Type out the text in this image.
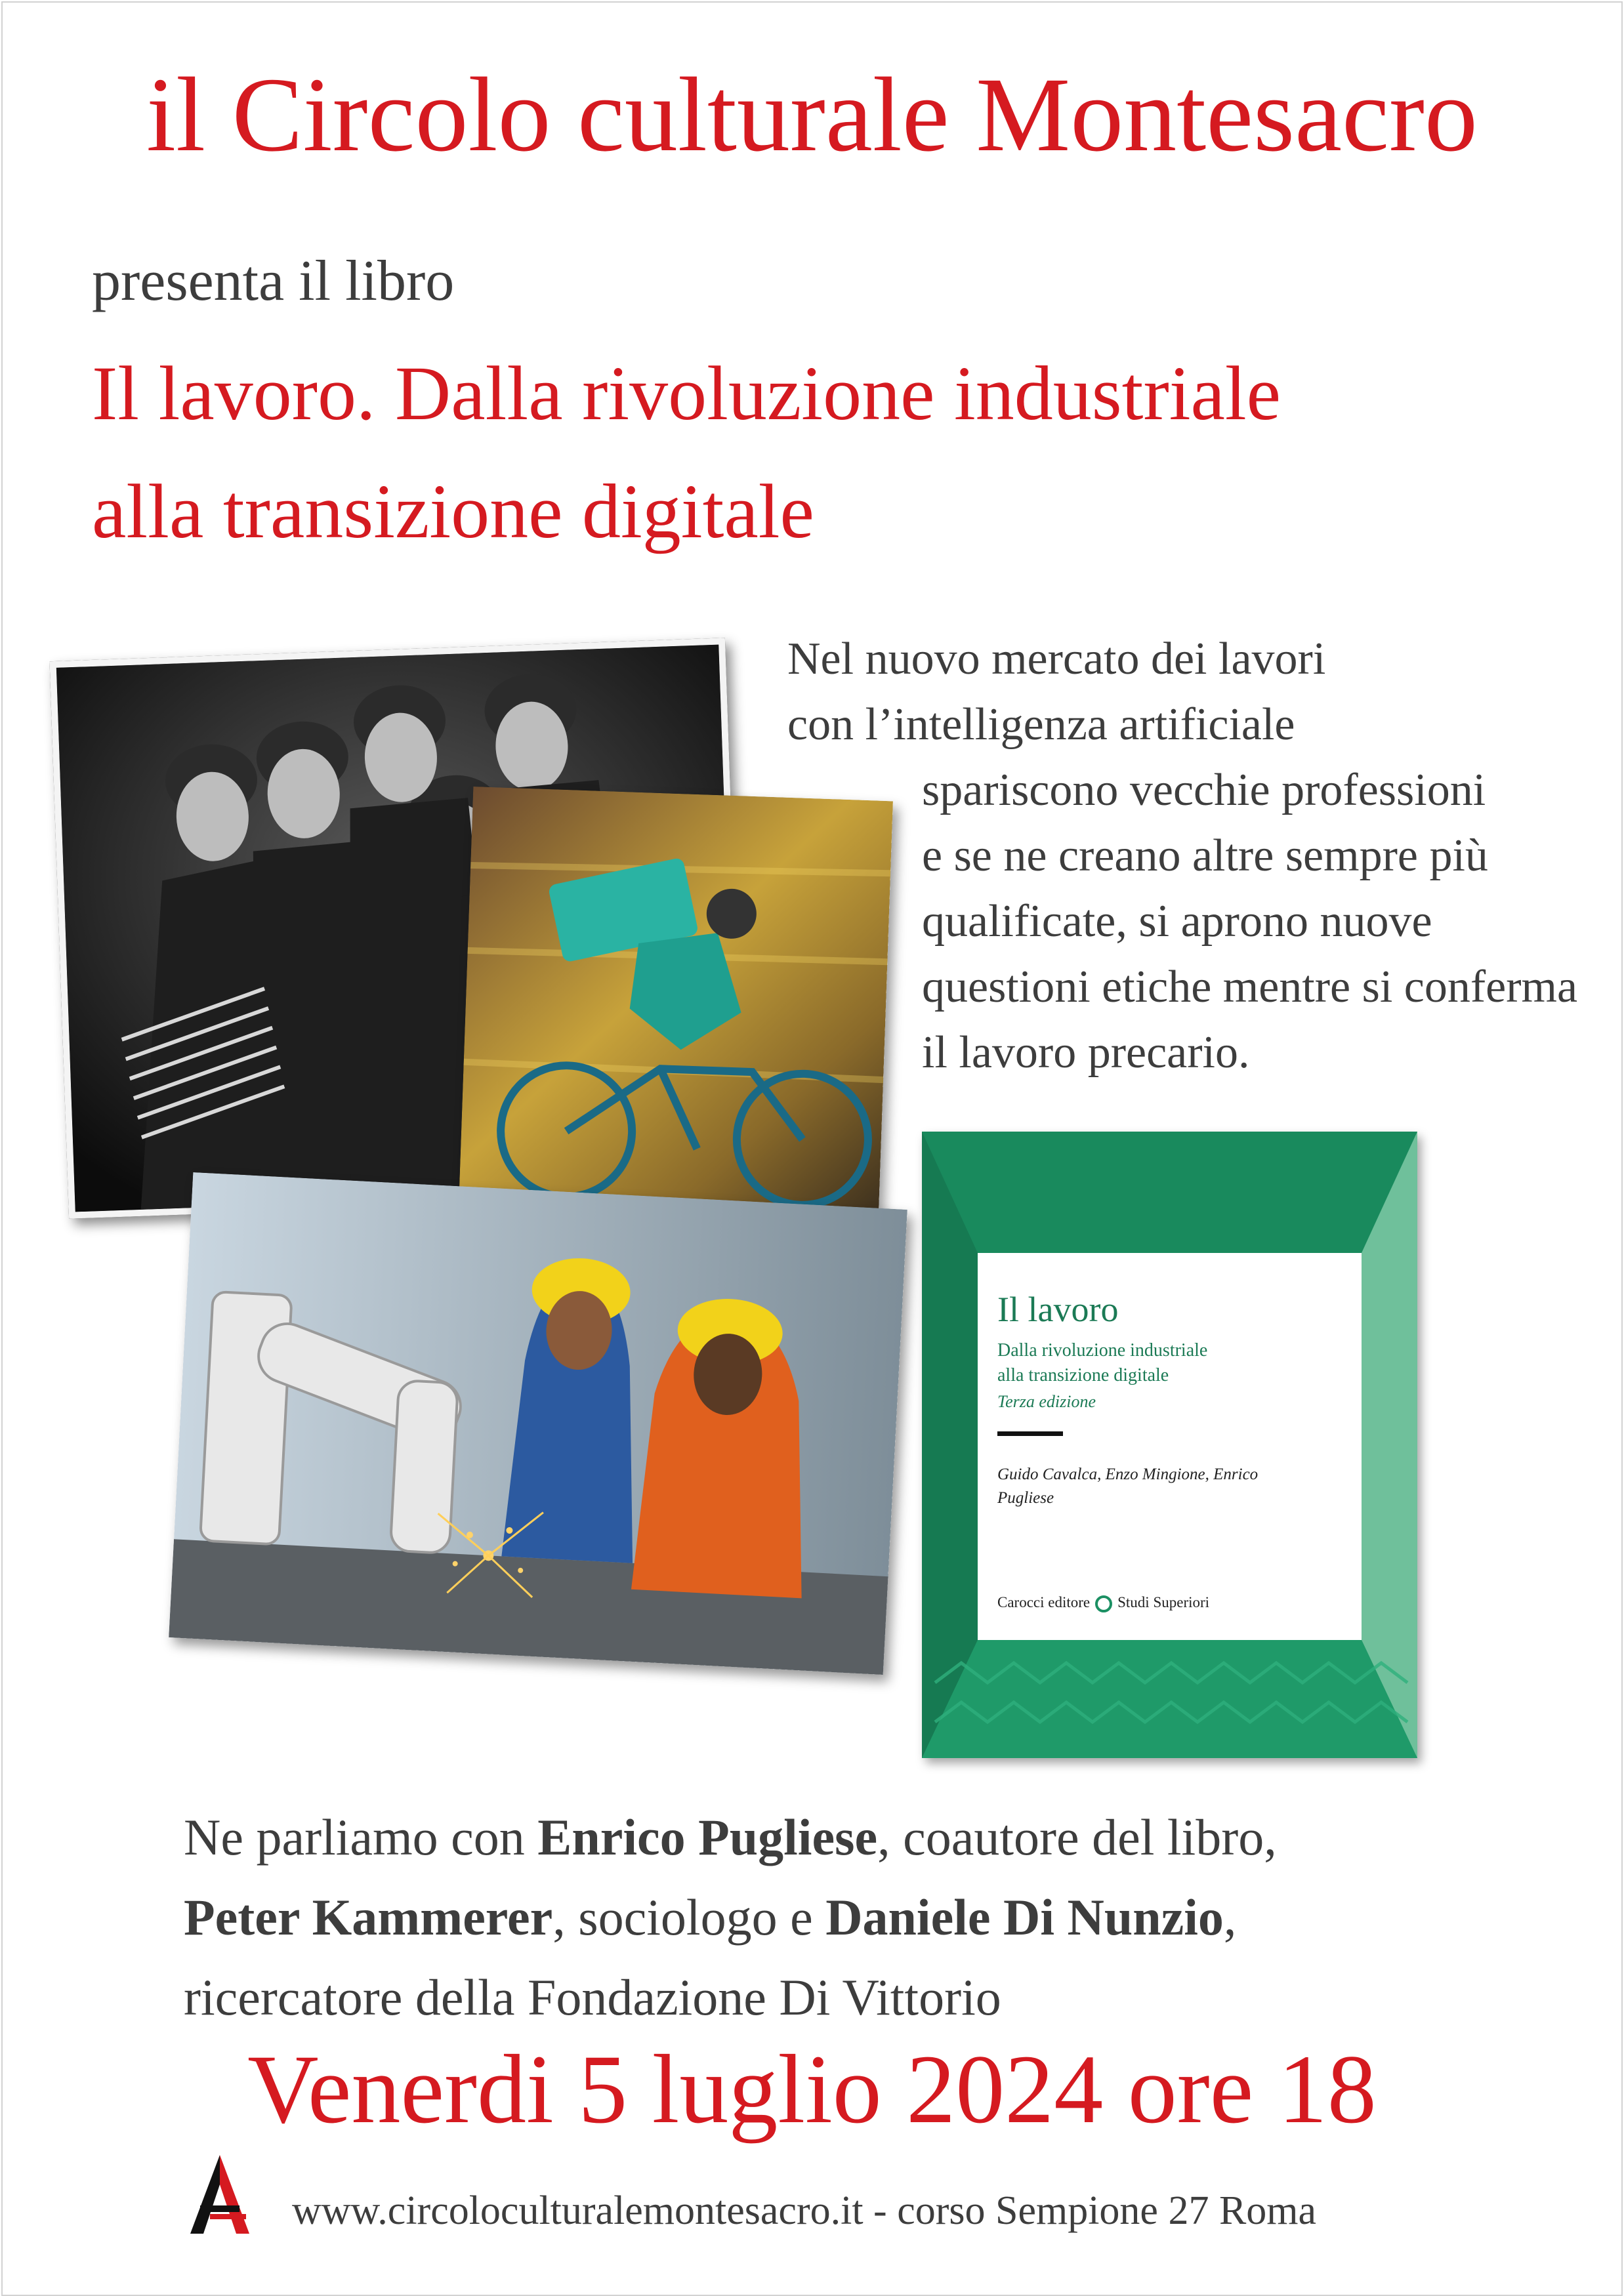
il Circolo culturale Montesacro
presenta il libro
Il lavoro. Dalla rivoluzione industriale
alla transizione digitale
Nel nuovo mercato dei lavori
con l’intelligenza artificiale
spariscono vecchie professioni
e se ne creano altre sempre più qualificate, si aprono nuove questioni etiche mentre si conferma il lavoro precario.
Il lavoro
Dalla rivoluzione industriale
alla transizione digitale
Terza edizione
Guido Cavalca, Enzo Mingione, Enrico Pugliese
Carocci editore Studi Superiori
Ne parliamo con Enrico Pugliese, coautore del libro,
Peter Kammerer, sociologo e Daniele Di Nunzio,
ricercatore della Fondazione Di Vittorio
Venerdi 5 luglio 2024 ore 18
www.circoloculturalemontesacro.it - corso Sempione 27 Roma
